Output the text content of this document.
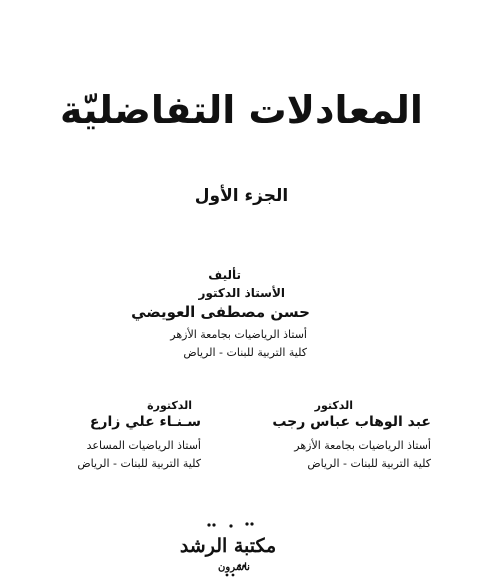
المعادلات التفاضليّة
الجزء الأول
تأليف
الأستاذ الدكتور
حسن مصطفى العويضي
أستاذ الرياضيات بجامعة الأزهر
كلية التربية للبنات - الرياض
الدكتور
عبد الوهاب عباس رجب
أستاذ الرياضيات بجامعة الأزهر
كلية التربية للبنات - الرياض
الدكتورة
سـنـاء علي زارع
أستاذ الرياضيات المساعد
كلية التربية للبنات - الرياض
مكتبة الرشد
ناشرون
